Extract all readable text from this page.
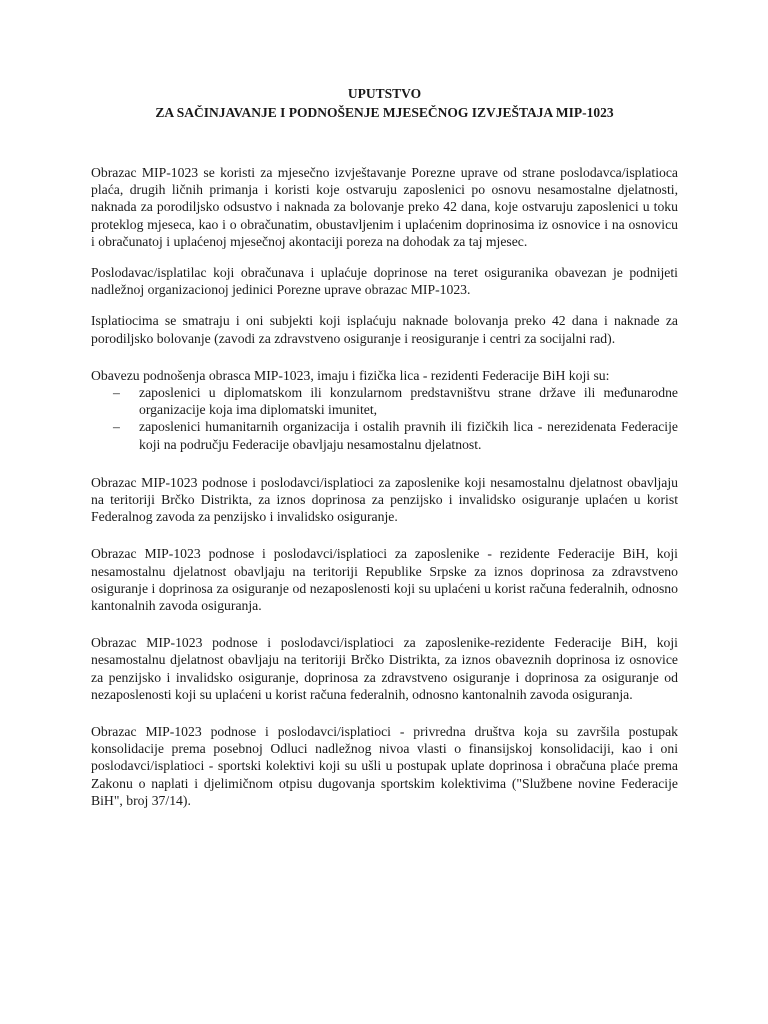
UPUTSTVO

ZA SAČINJAVANJE I PODNOŠENJE MJESEČNOG IZVJEŠTAJA MIP-1023

Obrazac MIP-1023 se koristi za mjesečno izvještavanje Porezne uprave od strane poslodavca/isplatioca plaća, drugih ličnih primanja i koristi koje ostvaruju zaposlenici po osnovu nesamostalne djelatnosti, naknada za porodiljsko odsustvo i naknada za bolovanje preko 42 dana, koje ostvaruju zaposlenici u toku proteklog mjeseca, kao i o obračunatim, obustavljenim i uplaćenim doprinosima iz osnovice i na osnovicu i obračunatoj i uplaćenoj mjesečnoj akontaciji poreza na dohodak za taj mjesec.

Poslodavac/isplatilac koji obračunava i uplaćuje doprinose na teret osiguranika obavezan je podnijeti nadležnoj organizacionoj jedinici Porezne uprave obrazac MIP-1023.

Isplatiocima se smatraju i oni subjekti koji isplaćuju naknade bolovanja preko 42 dana i naknade za porodiljsko bolovanje (zavodi za zdravstveno osiguranje i reosiguranje i centri za socijalni rad).

Obavezu podnošenja obrasca MIP-1023, imaju i fizička lica - rezidenti Federacije BiH koji su:

– zaposlenici u diplomatskom ili konzularnom predstavništvu strane države ili međunarodne organizacije koja ima diplomatski imunitet,
– zaposlenici humanitarnih organizacija i ostalih pravnih ili fizičkih lica - nerezidenata Federacije koji na području Federacije obavljaju nesamostalnu djelatnost.

Obrazac MIP-1023 podnose i poslodavci/isplatioci za zaposlenike koji nesamostalnu djelatnost obavljaju na teritoriji Brčko Distrikta, za iznos doprinosa za penzijsko i invalidsko osiguranje uplaćen u korist Federalnog zavoda za penzijsko i invalidsko osiguranje.

Obrazac MIP-1023 podnose i poslodavci/isplatioci za zaposlenike - rezidente Federacije BiH, koji nesamostalnu djelatnost obavljaju na teritoriji Republike Srpske za iznos doprinosa za zdravstveno osiguranje i doprinosa za osiguranje od nezaposlenosti koji su uplaćeni u korist računa federalnih, odnosno kantonalnih zavoda osiguranja.

Obrazac MIP-1023 podnose i poslodavci/isplatioci za zaposlenike-rezidente Federacije BiH, koji nesamostalnu djelatnost obavljaju na teritoriji Brčko Distrikta, za iznos obaveznih doprinosa iz osnovice za penzijsko i invalidsko osiguranje, doprinosa za zdravstveno osiguranje i doprinosa za osiguranje od nezaposlenosti koji su uplaćeni u korist računa federalnih, odnosno kantonalnih zavoda osiguranja.

Obrazac MIP-1023 podnose i poslodavci/isplatioci - privredna društva koja su završila postupak konsolidacije prema posebnoj Odluci nadležnog nivoa vlasti o finansijskoj konsolidaciji, kao i oni poslodavci/isplatioci - sportski kolektivi koji su ušli u postupak uplate doprinosa i obračuna plaće prema Zakonu o naplati i djelimičnom otpisu dugovanja sportskim kolektivima ("Službene novine Federacije BiH", broj 37/14).
